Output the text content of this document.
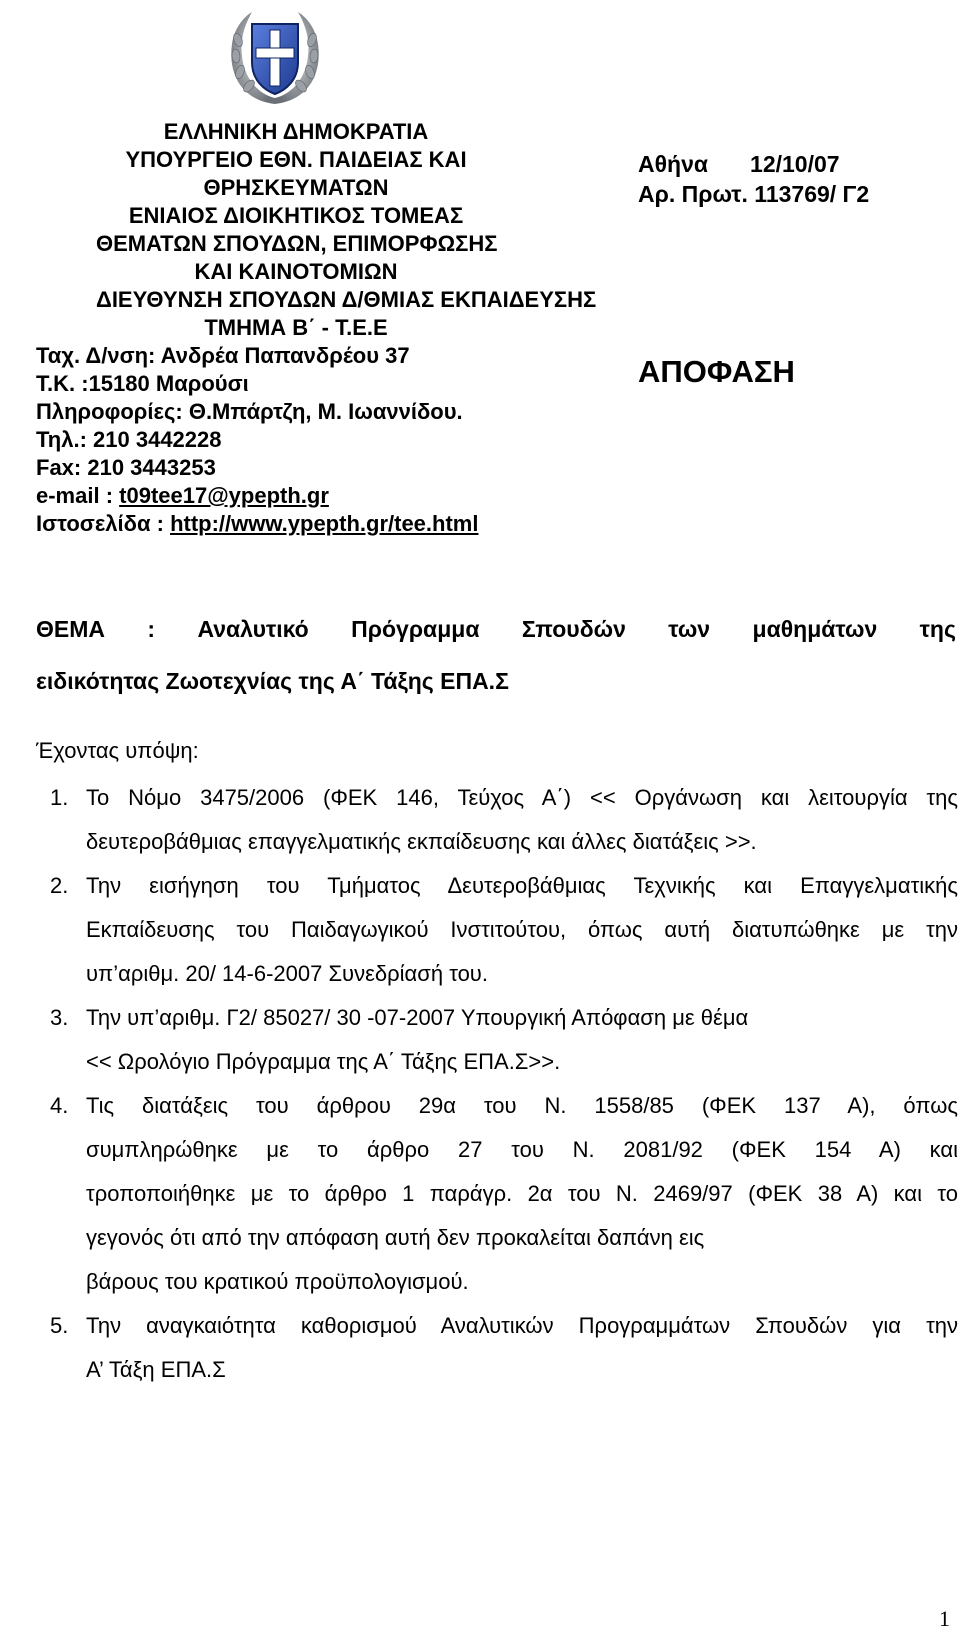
ΕΛΛΗΝΙΚΗ ΔΗΜΟΚΡΑΤΙΑ
ΥΠΟΥΡΓΕΙΟ ΕΘΝ. ΠΑΙΔΕΙΑΣ ΚΑΙ
ΘΡΗΣΚΕΥΜΑΤΩΝ
ΕΝΙΑΙΟΣ ΔΙΟΙΚΗΤΙΚΟΣ ΤΟΜΕΑΣ
ΘΕΜΑΤΩΝ ΣΠΟΥΔΩΝ, ΕΠΙΜΟΡΦΩΣΗΣ
ΚΑΙ ΚΑΙΝΟΤΟΜΙΩΝ
ΔΙΕΥΘΥΝΣΗ ΣΠΟΥΔΩΝ Δ/ΘΜΙΑΣ ΕΚΠΑΙΔΕΥΣΗΣ
ΤΜΗΜΑ Β΄ - Τ.Ε.Ε
Ταχ. Δ/νση: Ανδρέα Παπανδρέου 37
Τ.Κ. :15180 Μαρούσι
Πληροφορίες: Θ.Μπάρτζη, Μ. Ιωαννίδου.
Τηλ.: 210 3442228
Fax: 210 3443253
e-mail : t09tee17@ypepth.gr
Ιστοσελίδα : http://www.ypepth.gr/tee.html
Αθήνα 12/10/07
Αρ. Πρωτ. 113769/ Γ2
ΑΠΟΦΑΣΗ
ΘΕΜΑ : Αναλυτικό Πρόγραμμα Σπουδών των μαθημάτων της
ειδικότητας Ζωοτεχνίας της Α΄ Τάξης ΕΠΑ.Σ
Έχοντας υπόψη:
1. Το Νόμο 3475/2006 (ΦΕΚ 146, Τεύχος Α΄) << Οργάνωση και λειτουργία της
δευτεροβάθμιας επαγγελματικής εκπαίδευσης και άλλες διατάξεις >>.
2. Την εισήγηση του Τμήματος Δευτεροβάθμιας Τεχνικής και Επαγγελματικής
Εκπαίδευσης του Παιδαγωγικού Ινστιτούτου, όπως αυτή διατυπώθηκε με την
υπ’αριθμ. 20/ 14-6-2007 Συνεδρίασή του.
3. Την υπ’αριθμ. Γ2/ 85027/ 30 -07-2007 Υπουργική Απόφαση με θέμα
<< Ωρολόγιο Πρόγραμμα της Α΄ Τάξης ΕΠΑ.Σ>>.
4. Τις διατάξεις του άρθρου 29α του Ν. 1558/85 (ΦΕΚ 137 Α), όπως
συμπληρώθηκε με το άρθρο 27 του Ν. 2081/92 (ΦΕΚ 154 Α) και
τροποποιήθηκε με το άρθρο 1 παράγρ. 2α του Ν. 2469/97 (ΦΕΚ 38 Α) και το
γεγονός ότι από την απόφαση αυτή δεν προκαλείται δαπάνη εις
βάρους του κρατικού προϋπολογισμού.
5. Την αναγκαιότητα καθορισμού Αναλυτικών Προγραμμάτων Σπουδών για την
Α’ Τάξη ΕΠΑ.Σ
1
